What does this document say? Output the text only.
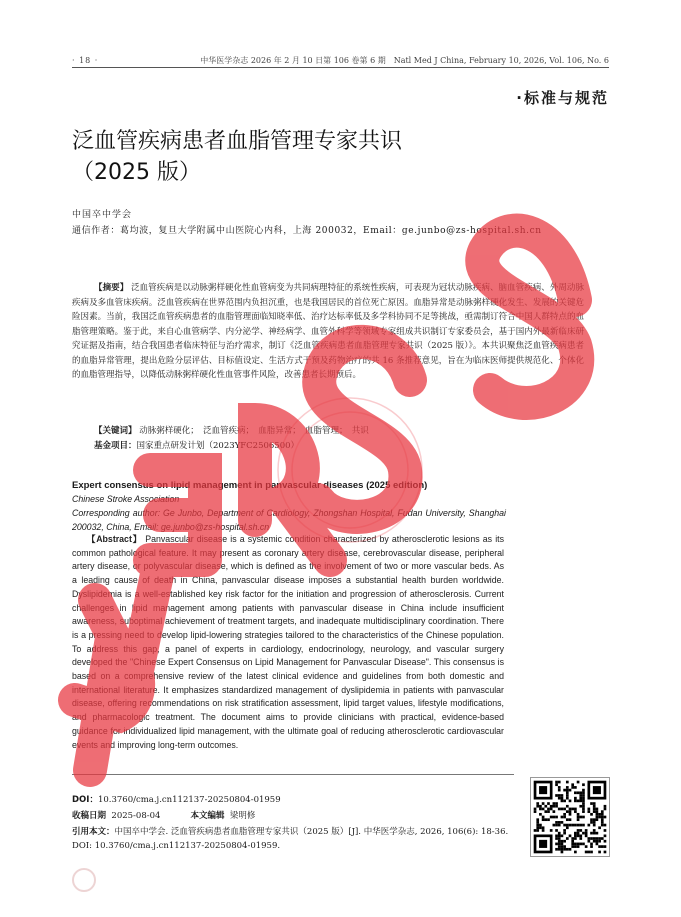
· 18 ·	中华医学杂志 2026 年 2 月 10 日第 106 卷第 6 期　Natl Med J China, February 10, 2026, Vol. 106, No. 6
·标准与规范
泛血管疾病患者血脂管理专家共识
（2025 版）
中国卒中学会
通信作者：葛均波，复旦大学附属中山医院心内科，上海 200032，Email：ge.junbo@zs-hospital.sh.cn
【摘要】 泛血管疾病是以动脉粥样硬化性血管病变为共同病理特征的系统性疾病，可表现为冠状动脉疾病、脑血管疾病、外周动脉疾病及多血管床疾病。泛血管疾病在世界范围内负担沉重，也是我国居民的首位死亡原因。血脂异常是动脉粥样硬化发生、发展的关键危险因素。当前，我国泛血管疾病患者的血脂管理面临知晓率低、治疗达标率低及多学科协同不足等挑战，亟需制订符合中国人群特点的血脂管理策略。鉴于此，来自心血管病学、内分泌学、神经病学、血管外科学等领域专家组成共识制订专家委员会，基于国内外最新临床研究证据及指南，结合我国患者临床特征与治疗需求，制订《泛血管疾病患者血脂管理专家共识（2025 版）》。本共识聚焦泛血管疾病患者的血脂异常管理，提出危险分层评估、目标值设定、生活方式干预及药物治疗的共 16 条推荐意见，旨在为临床医师提供规范化、个体化的血脂管理指导，以降低动脉粥样硬化性血管事件风险，改善患者长期预后。
【关键词】 动脉粥样硬化；　泛血管疾病；　血脂异常；　血脂管理；　共识
基金项目：国家重点研发计划（2023YFC2506500）
Expert consensus on lipid management in panvascular diseases (2025 edition)
Chinese Stroke Association
Corresponding author: Ge Junbo, Department of Cardiology, Zhongshan Hospital, Fudan University, Shanghai 200032, China, Email: ge.junbo@zs-hospital.sh.cn
【Abstract】 Panvascular disease is a systemic condition characterized by atherosclerotic lesions as its common pathological feature. It may present as coronary artery disease, cerebrovascular disease, peripheral artery disease, or polyvascular disease, which is defined as the involvement of two or more vascular beds. As a leading cause of death in China, panvascular disease imposes a substantial health burden worldwide. Dyslipidemia is a well-established key risk factor for the initiation and progression of atherosclerosis. Current challenges in lipid management among patients with panvascular disease in China include insufficient awareness, suboptimal achievement of treatment targets, and inadequate multidisciplinary coordination. There is a pressing need to develop lipid-lowering strategies tailored to the characteristics of the Chinese population. To address this gap, a panel of experts in cardiology, endocrinology, neurology, and vascular surgery developed the "Chinese Expert Consensus on Lipid Management for Panvascular Disease". This consensus is based on a comprehensive review of the latest clinical evidence and guidelines from both domestic and international literature. It emphasizes standardized management of dyslipidemia in patients with panvascular disease, offering recommendations on risk stratification assessment, lipid target values, lifestyle modifications, and pharmacologic treatment. The document aims to provide clinicians with practical, evidence-based guidance for individualized lipid management, with the ultimate goal of reducing atherosclerotic cardiovascular events and improving long-term outcomes.
DOI：10.3760/cma.j.cn112137-20250804-01959
收稿日期 2025-08-04	本文编辑 梁明修
引用本文：中国卒中学会. 泛血管疾病患者血脂管理专家共识（2025 版）[J]. 中华医学杂志, 2026, 106(6): 18-36. DOI: 10.3760/cma.j.cn112137-20250804-01959.
